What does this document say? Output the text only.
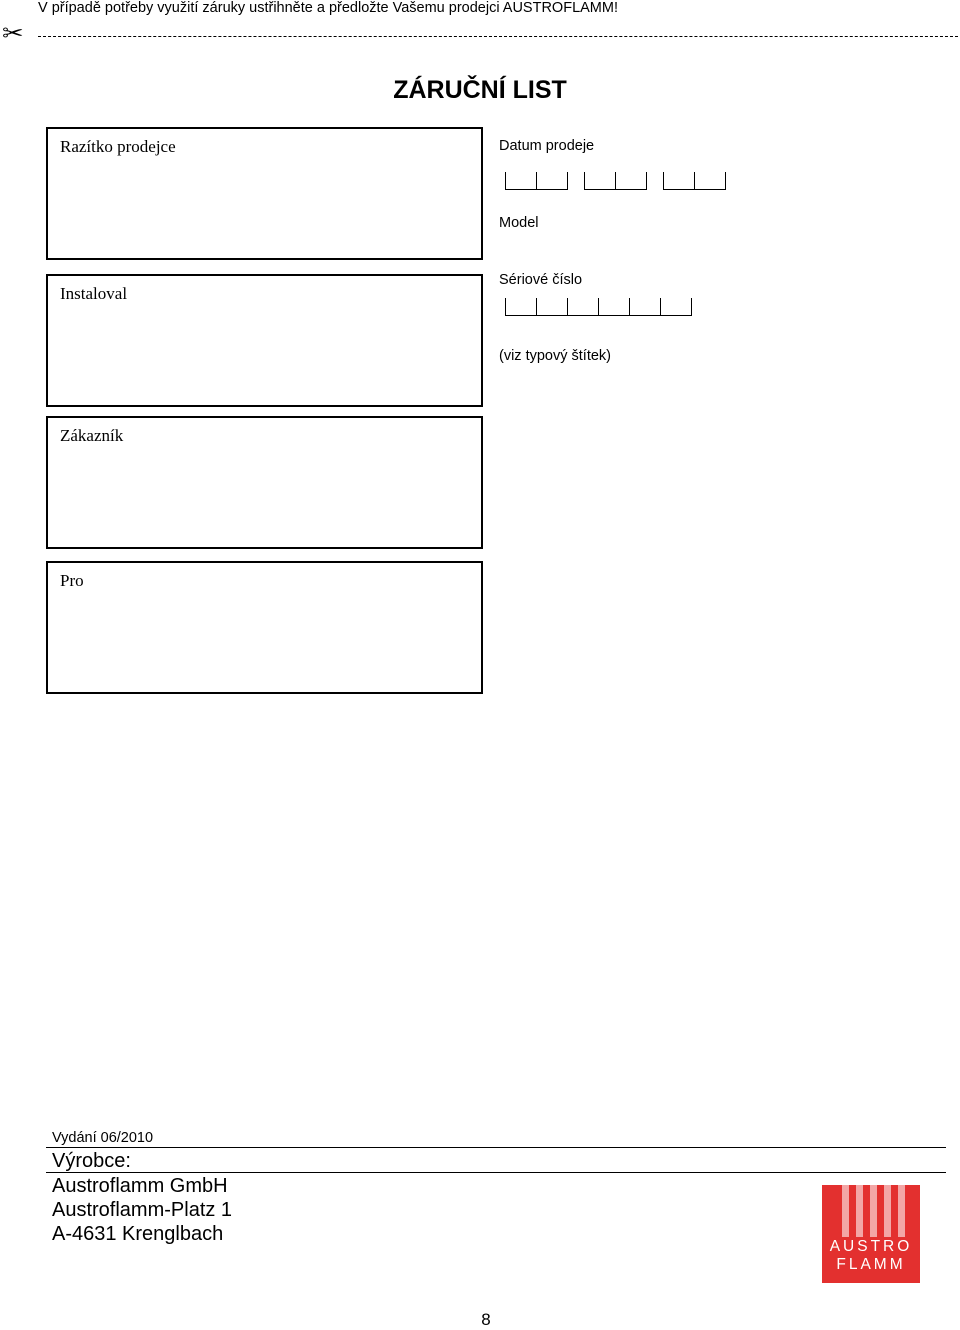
V případě potřeby využití záruky ustřihněte a předložte Vašemu prodejci AUSTROFLAMM!
✂
ZÁRUČNÍ LIST
Razítko prodejce
Instaloval
Zákazník
Pro
Datum prodeje
Model
Sériové číslo
(viz typový štítek)
Vydání 06/2010
Výrobce:
Austroflamm GmbH
Austroflamm-Platz 1
A-4631 Krenglbach
AUSTRO
FLAMM
8
